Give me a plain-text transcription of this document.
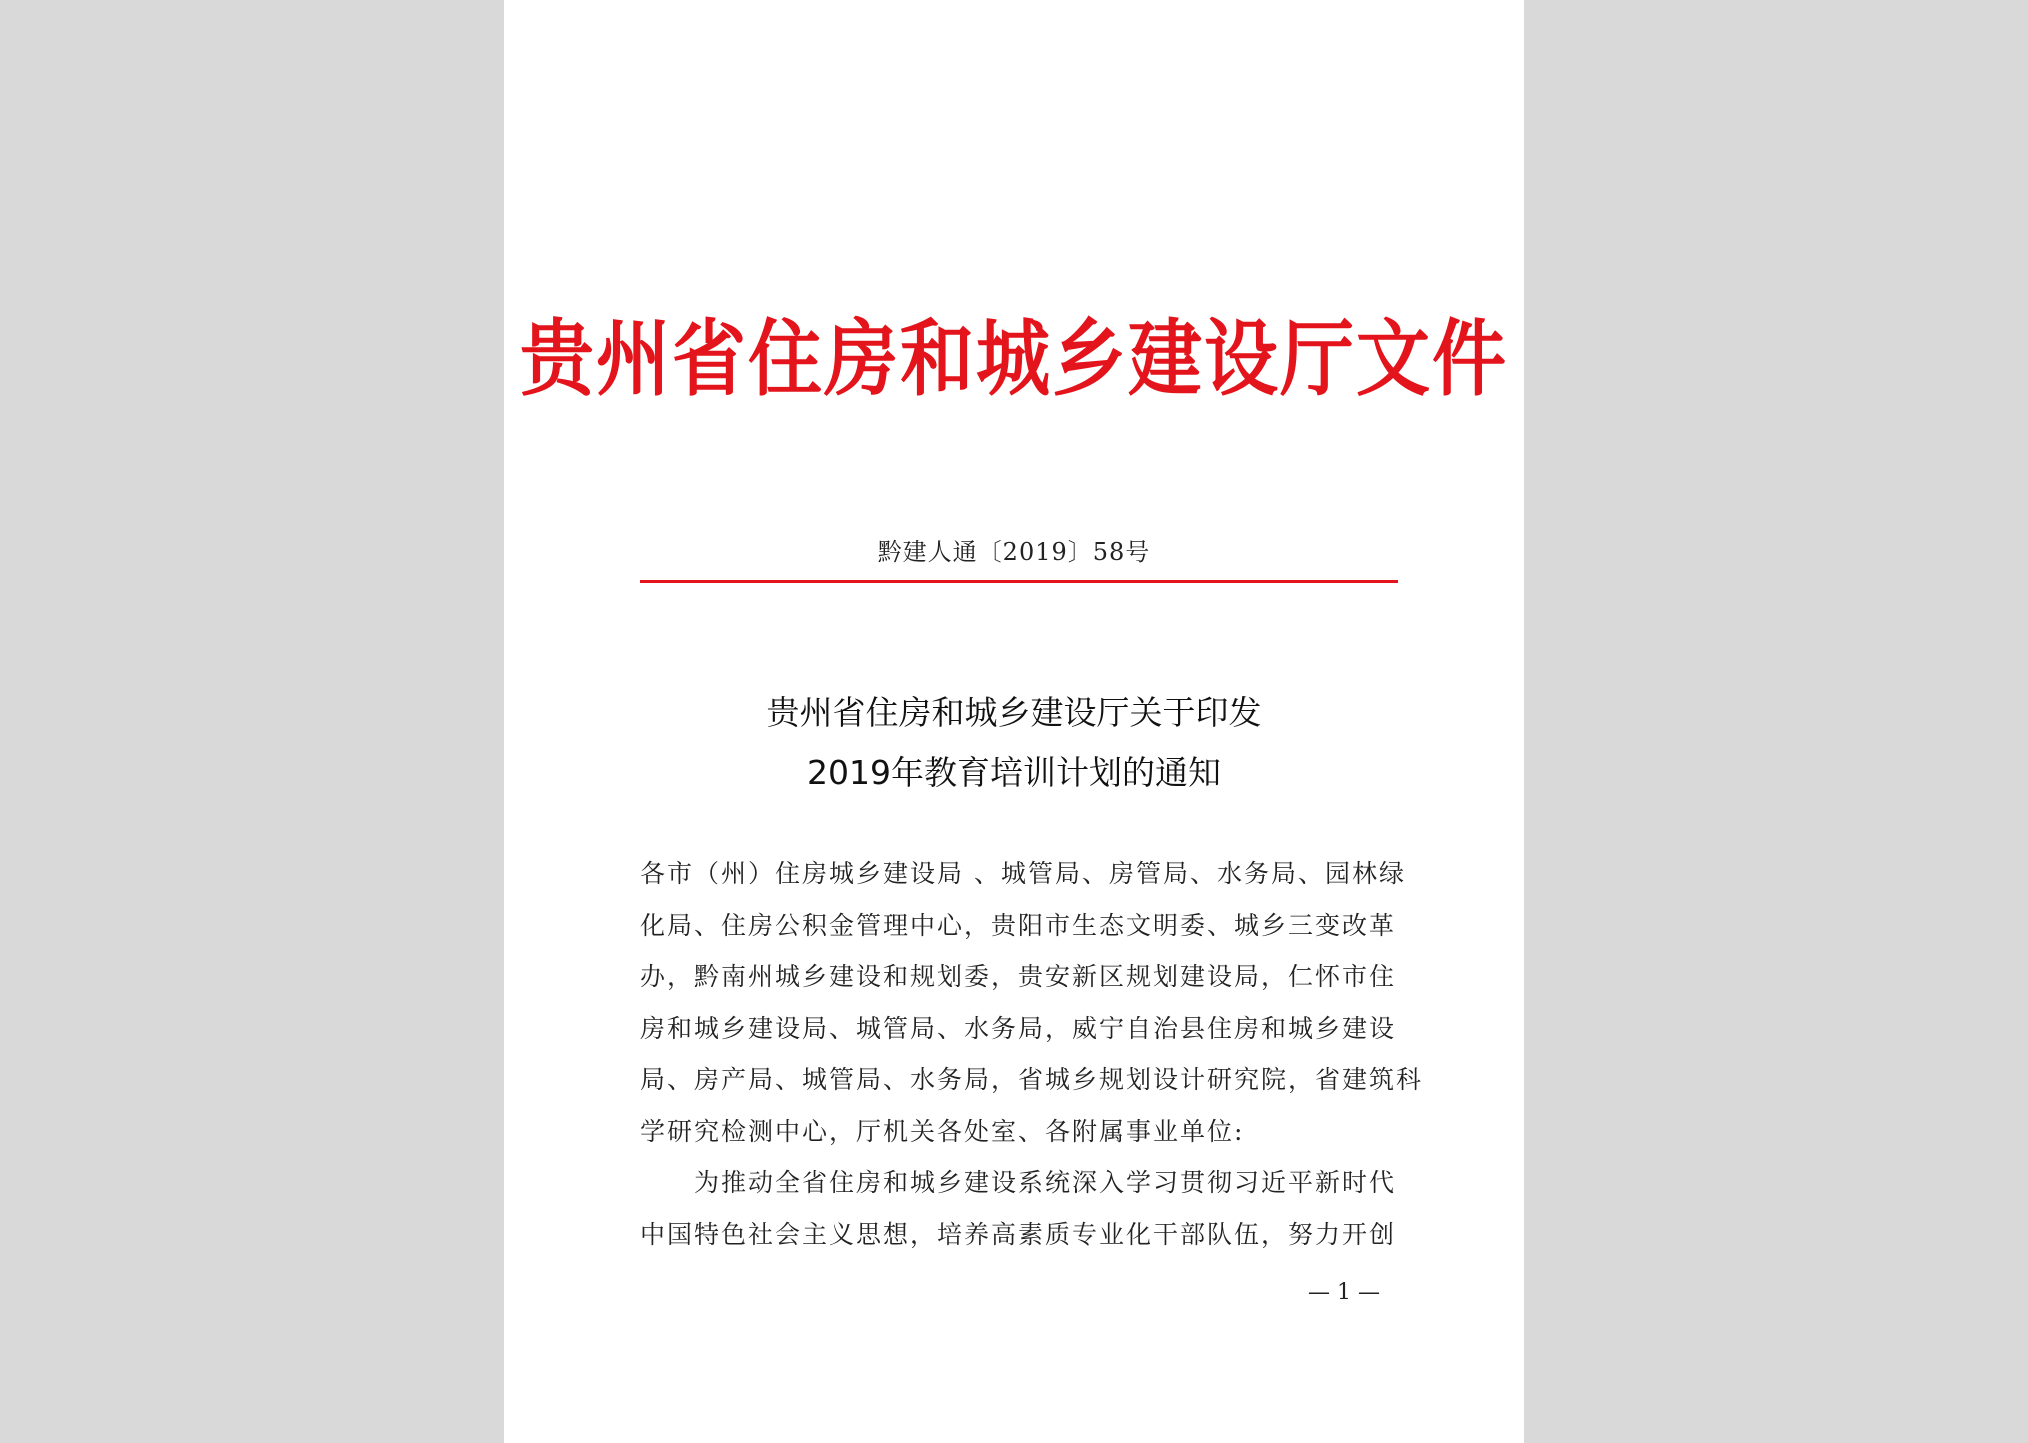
贵州省住房和城乡建设厅文件
黔建人通〔2019〕58号
贵州省住房和城乡建设厅关于印发
2019年教育培训计划的通知
各市（州）住房城乡建设局 、城管局、房管局、水务局、园林绿
化局、住房公积金管理中心，贵阳市生态文明委、城乡三变改革
办，黔南州城乡建设和规划委，贵安新区规划建设局，仁怀市住
房和城乡建设局、城管局、水务局，威宁自治县住房和城乡建设
局、房产局、城管局、水务局，省城乡规划设计研究院，省建筑科
学研究检测中心，厅机关各处室、各附属事业单位:
为推动全省住房和城乡建设系统深入学习贯彻习近平新时代
中国特色社会主义思想，培养高素质专业化干部队伍，努力开创
— 1 —
